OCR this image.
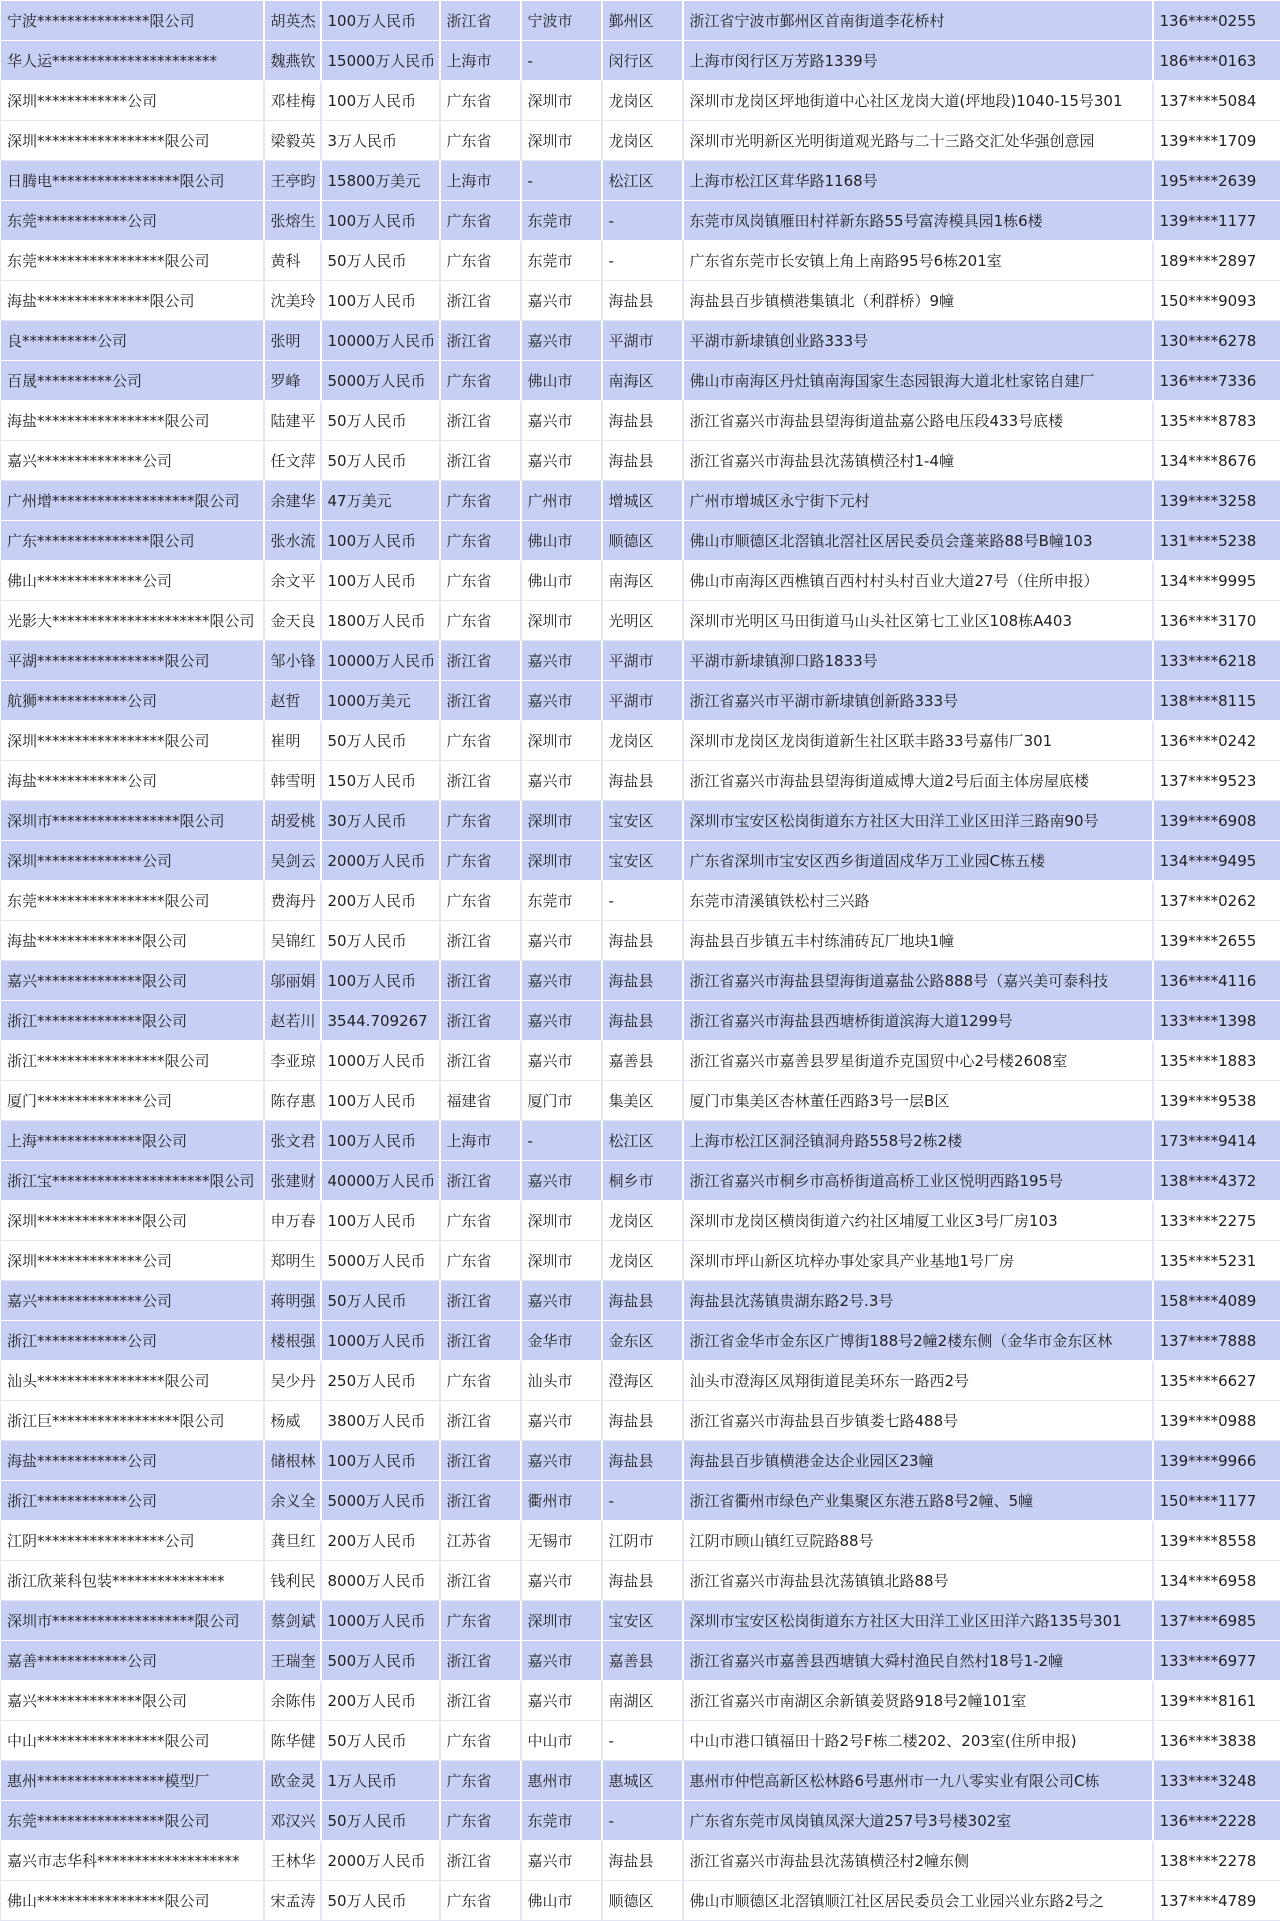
宁波***************限公司	胡英杰	100万人民币	浙江省	宁波市	鄞州区	浙江省宁波市鄞州区首南街道李花桥村	136****0255
华人运**********************	魏燕钦	15000万人民币	上海市	-	闵行区	上海市闵行区万芳路1339号	186****0163
深圳************公司	邓桂梅	100万人民币	广东省	深圳市	龙岗区	深圳市龙岗区坪地街道中心社区龙岗大道(坪地段)1040-15号301	137****5084
深圳*****************限公司	梁毅英	3万人民币	广东省	深圳市	龙岗区	深圳市光明新区光明街道观光路与二十三路交汇处华强创意园	139****1709
日腾电*****************限公司	王亭昀	15800万美元	上海市	-	松江区	上海市松江区茸华路1168号	195****2639
东莞************公司	张熔生	100万人民币	广东省	东莞市	-	东莞市凤岗镇雁田村祥新东路55号富涛模具园1栋6楼	139****1177
东莞*****************限公司	黄科	50万人民币	广东省	东莞市	-	广东省东莞市长安镇上角上南路95号6栋201室	189****2897
海盐***************限公司	沈美玲	100万人民币	浙江省	嘉兴市	海盐县	海盐县百步镇横港集镇北（利群桥）9幢	150****9093
良**********公司	张明	10000万人民币	浙江省	嘉兴市	平湖市	平湖市新埭镇创业路333号	130****6278
百晟**********公司	罗峰	5000万人民币	广东省	佛山市	南海区	佛山市南海区丹灶镇南海国家生态园银海大道北杜家铭自建厂	136****7336
海盐*****************限公司	陆建平	50万人民币	浙江省	嘉兴市	海盐县	浙江省嘉兴市海盐县望海街道盐嘉公路电压段433号底楼	135****8783
嘉兴**************公司	任文萍	50万人民币	浙江省	嘉兴市	海盐县	浙江省嘉兴市海盐县沈荡镇横泾村1-4幢	134****8676
广州增*******************限公司	余建华	47万美元	广东省	广州市	增城区	广州市增城区永宁街下元村	139****3258
广东***************限公司	张水流	100万人民币	广东省	佛山市	顺德区	佛山市顺德区北滘镇北滘社区居民委员会蓬莱路88号B幢103	131****5238
佛山**************公司	余文平	100万人民币	广东省	佛山市	南海区	佛山市南海区西樵镇百西村村头村百业大道27号（住所申报）	134****9995
光影大*********************限公司	金天良	1800万人民币	广东省	深圳市	光明区	深圳市光明区马田街道马山头社区第七工业区108栋A403	136****3170
平湖*****************限公司	邹小锋	10000万人民币	浙江省	嘉兴市	平湖市	平湖市新埭镇泖口路1833号	133****6218
航狮************公司	赵哲	1000万美元	浙江省	嘉兴市	平湖市	浙江省嘉兴市平湖市新埭镇创新路333号	138****8115
深圳*****************限公司	崔明	50万人民币	广东省	深圳市	龙岗区	深圳市龙岗区龙岗街道新生社区联丰路33号嘉伟厂301	136****0242
海盐************公司	韩雪明	150万人民币	浙江省	嘉兴市	海盐县	浙江省嘉兴市海盐县望海街道威博大道2号后面主体房屋底楼	137****9523
深圳市*****************限公司	胡爱桃	30万人民币	广东省	深圳市	宝安区	深圳市宝安区松岗街道东方社区大田洋工业区田洋三路南90号	139****6908
深圳**************公司	吴剑云	2000万人民币	广东省	深圳市	宝安区	广东省深圳市宝安区西乡街道固戍华万工业园C栋五楼	134****9495
东莞*****************限公司	费海丹	200万人民币	广东省	东莞市	-	东莞市清溪镇铁松村三兴路	137****0262
海盐**************限公司	吴锦红	50万人民币	浙江省	嘉兴市	海盐县	海盐县百步镇五丰村练浦砖瓦厂地块1幢	139****2655
嘉兴**************限公司	邬丽娟	100万人民币	浙江省	嘉兴市	海盐县	浙江省嘉兴市海盐县望海街道嘉盐公路888号（嘉兴美可泰科技	136****4116
浙江**************限公司	赵若川	3544.709267	浙江省	嘉兴市	海盐县	浙江省嘉兴市海盐县西塘桥街道滨海大道1299号	133****1398
浙江*****************限公司	李亚琼	1000万人民币	浙江省	嘉兴市	嘉善县	浙江省嘉兴市嘉善县罗星街道乔克国贸中心2号楼2608室	135****1883
厦门**************公司	陈存惠	100万人民币	福建省	厦门市	集美区	厦门市集美区杏林董任西路3号一层B区	139****9538
上海**************限公司	张文君	100万人民币	上海市	-	松江区	上海市松江区洞泾镇洞舟路558号2栋2楼	173****9414
浙江宝*********************限公司	张建财	40000万人民币	浙江省	嘉兴市	桐乡市	浙江省嘉兴市桐乡市高桥街道高桥工业区悦明西路195号	138****4372
深圳**************限公司	申万春	100万人民币	广东省	深圳市	龙岗区	深圳市龙岗区横岗街道六约社区埔厦工业区3号厂房103	133****2275
深圳**************公司	郑明生	5000万人民币	广东省	深圳市	龙岗区	深圳市坪山新区坑梓办事处家具产业基地1号厂房	135****5231
嘉兴**************公司	蒋明强	50万人民币	浙江省	嘉兴市	海盐县	海盐县沈荡镇贵湖东路2号.3号	158****4089
浙江************公司	楼根强	1000万人民币	浙江省	金华市	金东区	浙江省金华市金东区广博街188号2幢2楼东侧（金华市金东区林	137****7888
汕头*****************限公司	吴少丹	250万人民币	广东省	汕头市	澄海区	汕头市澄海区凤翔街道昆美环东一路西2号	135****6627
浙江巨*****************限公司	杨威	3800万人民币	浙江省	嘉兴市	海盐县	浙江省嘉兴市海盐县百步镇娄七路488号	139****0988
海盐************公司	储根林	100万人民币	浙江省	嘉兴市	海盐县	海盐县百步镇横港金达企业园区23幢	139****9966
浙江************公司	余义全	5000万人民币	浙江省	衢州市	-	浙江省衢州市绿色产业集聚区东港五路8号2幢、5幢	150****1177
江阴*****************公司	龚旦红	200万人民币	江苏省	无锡市	江阴市	江阴市顾山镇红豆院路88号	139****8558
浙江欣莱科包装***************	钱利民	8000万人民币	浙江省	嘉兴市	海盐县	浙江省嘉兴市海盐县沈荡镇镇北路88号	134****6958
深圳市*******************限公司	蔡剑斌	1000万人民币	广东省	深圳市	宝安区	深圳市宝安区松岗街道东方社区大田洋工业区田洋六路135号301	137****6985
嘉善************公司	王瑞奎	500万人民币	浙江省	嘉兴市	嘉善县	浙江省嘉兴市嘉善县西塘镇大舜村渔民自然村18号1-2幢	133****6977
嘉兴**************限公司	余陈伟	200万人民币	浙江省	嘉兴市	南湖区	浙江省嘉兴市南湖区余新镇姜贤路918号2幢101室	139****8161
中山*****************限公司	陈华健	50万人民币	广东省	中山市	-	中山市港口镇福田十路2号F栋二楼202、203室(住所申报)	136****3838
惠州*****************模型厂	欧金灵	1万人民币	广东省	惠州市	惠城区	惠州市仲恺高新区松林路6号惠州市一九八零实业有限公司C栋	133****3248
东莞*****************限公司	邓汉兴	50万人民币	广东省	东莞市	-	广东省东莞市凤岗镇凤深大道257号3号楼302室	136****2228
嘉兴市志华科*******************	王林华	2000万人民币	浙江省	嘉兴市	海盐县	浙江省嘉兴市海盐县沈荡镇横泾村2幢东侧	138****2278
佛山*****************限公司	宋孟涛	50万人民币	广东省	佛山市	顺德区	佛山市顺德区北滘镇顺江社区居民委员会工业园兴业东路2号之	137****4789
